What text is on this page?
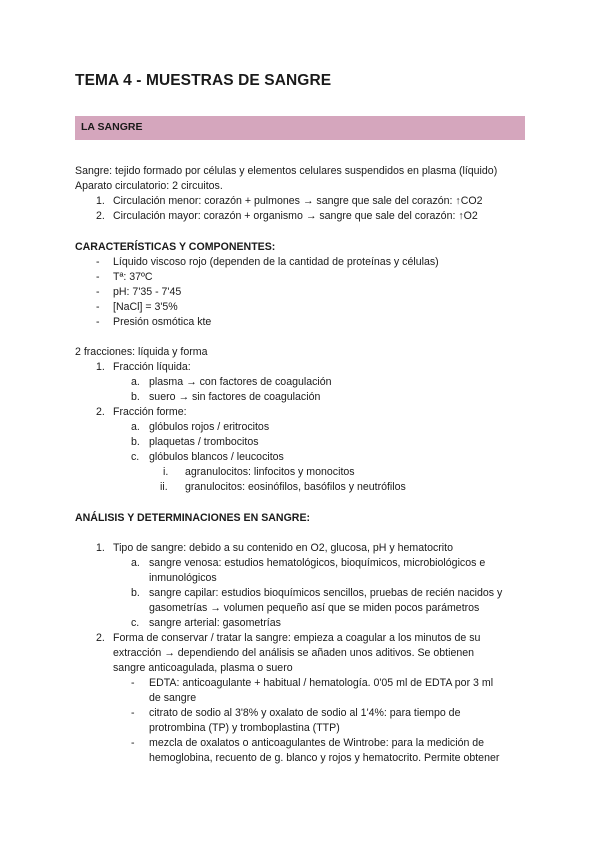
TEMA 4 - MUESTRAS DE SANGRE
LA SANGRE
Sangre: tejido formado por células y elementos celulares suspendidos en plasma (líquido)
Aparato circulatorio: 2 circuitos.
1. Circulación menor: corazón + pulmones → sangre que sale del corazón: ↑CO2
2. Circulación mayor: corazón + organismo → sangre que sale del corazón: ↑O2
CARACTERÍSTICAS Y COMPONENTES:
- Líquido viscoso rojo (dependen de la cantidad de proteínas y células)
- Tª: 37ºC
- pH: 7'35 - 7'45
- [NaCl] = 3'5%
- Presión osmótica kte
2 fracciones: líquida y forma
1. Fracción líquida:
a. plasma → con factores de coagulación
b. suero → sin factores de coagulación
2. Fracción forme:
a. glóbulos rojos / eritrocitos
b. plaquetas / trombocitos
c. glóbulos blancos / leucocitos
i. agranulocitos: linfocitos y monocitos
ii. granulocitos: eosinófilos, basófilos y neutrófilos
ANÁLISIS Y DETERMINACIONES EN SANGRE:
1. Tipo de sangre: debido a su contenido en O2, glucosa, pH y hematocrito
a. sangre venosa: estudios hematológicos, bioquímicos, microbiológicos e
inmunológicos
b. sangre capilar: estudios bioquímicos sencillos, pruebas de recién nacidos y
gasometrías → volumen pequeño así que se miden pocos parámetros
c. sangre arterial: gasometrías
2. Forma de conservar / tratar la sangre: empieza a coagular a los minutos de su
extracción → dependiendo del análisis se añaden unos aditivos. Se obtienen
sangre anticoagulada, plasma o suero
- EDTA: anticoagulante + habitual / hematología. 0'05 ml de EDTA por 3 ml
de sangre
- citrato de sodio al 3'8% y oxalato de sodio al 1'4%: para tiempo de
protrombina (TP) y tromboplastina (TTP)
- mezcla de oxalatos o anticoagulantes de Wintrobe: para la medición de
hemoglobina, recuento de g. blanco y rojos y hematocrito. Permite obtener
